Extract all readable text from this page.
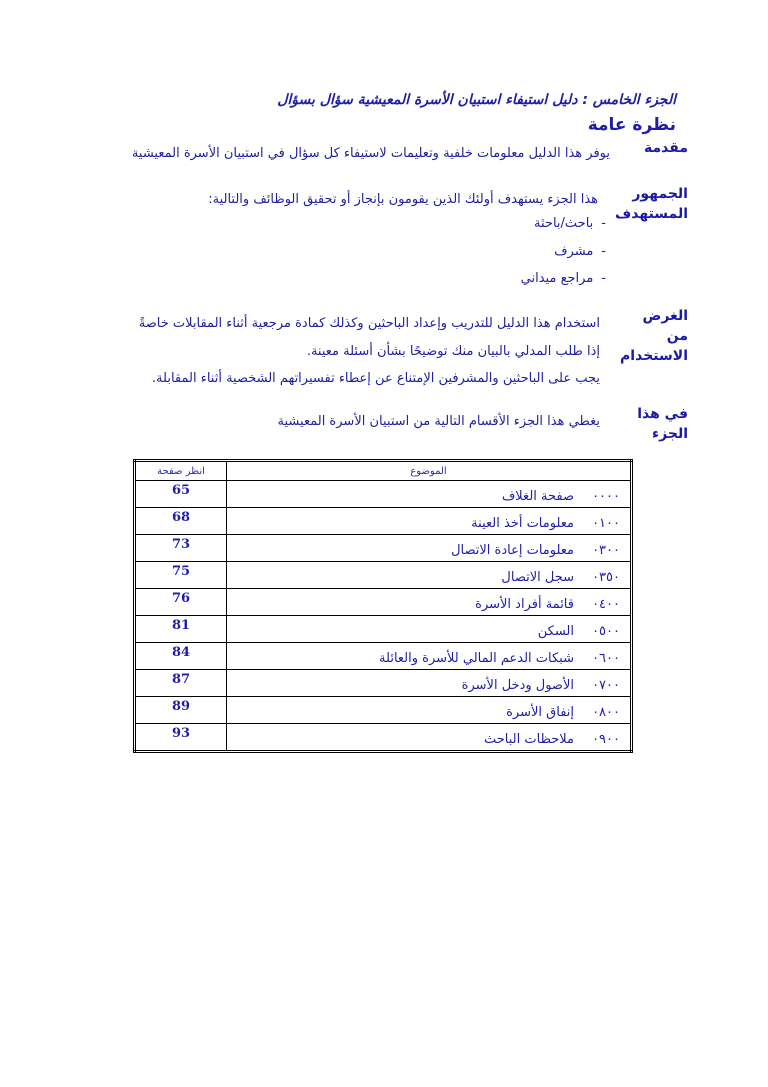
الجزء الخامس : دليل استيفاء استبيان الأسرة المعيشية سؤال بسؤال
نظرة عامة
مقدمة
يوفر هذا الدليل معلومات خلفية وتعليمات لاستيفاء كل سؤال في استبيان الأسرة المعيشية
الجمهور المستهدف
هذا الجزء يستهدف أولئك الذين يقومون بإنجاز أو تحقيق الوظائف والتالية:
-باحث/باحثة
-مشرف
-مراجع ميداني
الغرض من الاستخدام
استخدام هذا الدليل للتدريب وإعداد الباحثين وكذلك كمادة مرجعية أثناء المقابلات خاصةً
إذا طلب المدلي بالبيان منك توضيحًا بشأن أسئلة معينة.
يجب على الباحثين والمشرفين الإمتناع عن إعطاء تفسيراتهم الشخصية أثناء المقابلة.
في هذا الجزء
يغطي هذا الجزء الأقسام التالية من استبيان الأسرة المعيشية
انظر صفحة	الموضوع

65	٠٠٠٠صفحة الغلاف

68	٠١٠٠معلومات أخذ العينة

73	٠٣٠٠معلومات إعادة الاتصال

75	٠٣٥٠سجل الاتصال

76	٠٤٠٠قائمة أفراد الأسرة

81	٠٥٠٠السكن

84	٠٦٠٠شبكات الدعم المالي للأسرة والعائلة

87	٠٧٠٠الأصول ودخل الأسرة

89	٠٨٠٠إنفاق الأسرة

93	٠٩٠٠ملاحظات الباحث
